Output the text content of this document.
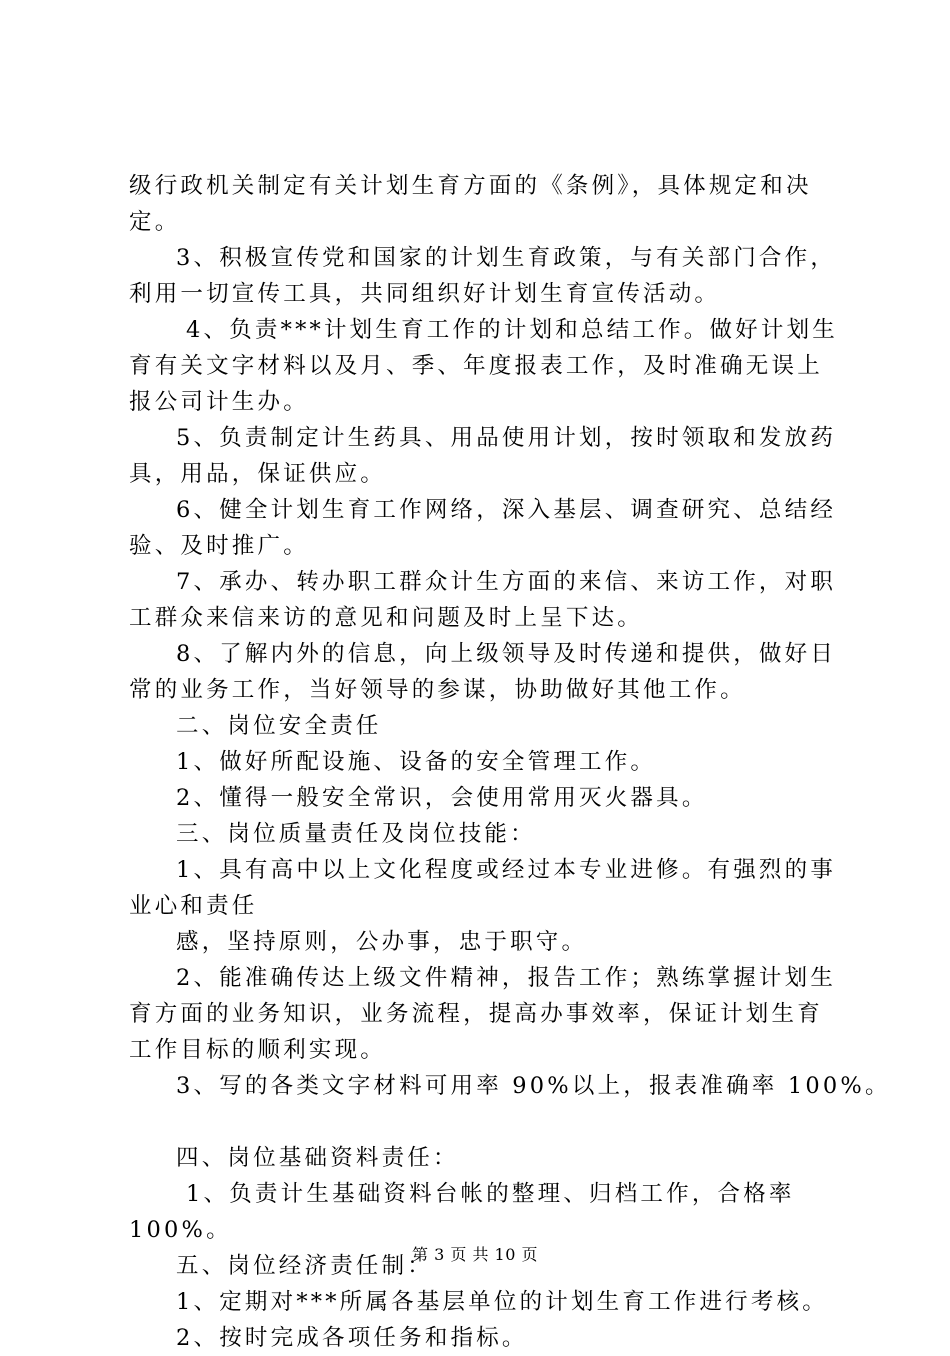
级行政机关制定有关计划生育方面的《条例》，具体规定和决
定。
3、积极宣传党和国家的计划生育政策，与有关部门合作，
利用一切宣传工具，共同组织好计划生育宣传活动。
4、负责***计划生育工作的计划和总结工作。做好计划生
育有关文字材料以及月、季、年度报表工作，及时准确无误上
报公司计生办。
5、负责制定计生药具、用品使用计划，按时领取和发放药
具，用品，保证供应。
6、健全计划生育工作网络，深入基层、调查研究、总结经
验、及时推广。
7、承办、转办职工群众计生方面的来信、来访工作，对职
工群众来信来访的意见和问题及时上呈下达。
8、了解内外的信息，向上级领导及时传递和提供，做好日
常的业务工作，当好领导的参谋，协助做好其他工作。
二、岗位安全责任
1、做好所配设施、设备的安全管理工作。
2、懂得一般安全常识，会使用常用灭火器具。
三、岗位质量责任及岗位技能：
1、具有高中以上文化程度或经过本专业进修。有强烈的事
业心和责任
感，坚持原则，公办事，忠于职守。
2、能准确传达上级文件精神，报告工作；熟练掌握计划生
育方面的业务知识，业务流程，提高办事效率，保证计划生育
工作目标的顺利实现。
3、写的各类文字材料可用率 90%以上，报表准确率 100%。
四、岗位基础资料责任：
1、负责计生基础资料台帐的整理、归档工作，合格率
100%。
五、岗位经济责任制：
1、定期对***所属各基层单位的计划生育工作进行考核。
2、按时完成各项任务和指标。
第 3 页 共 10 页
